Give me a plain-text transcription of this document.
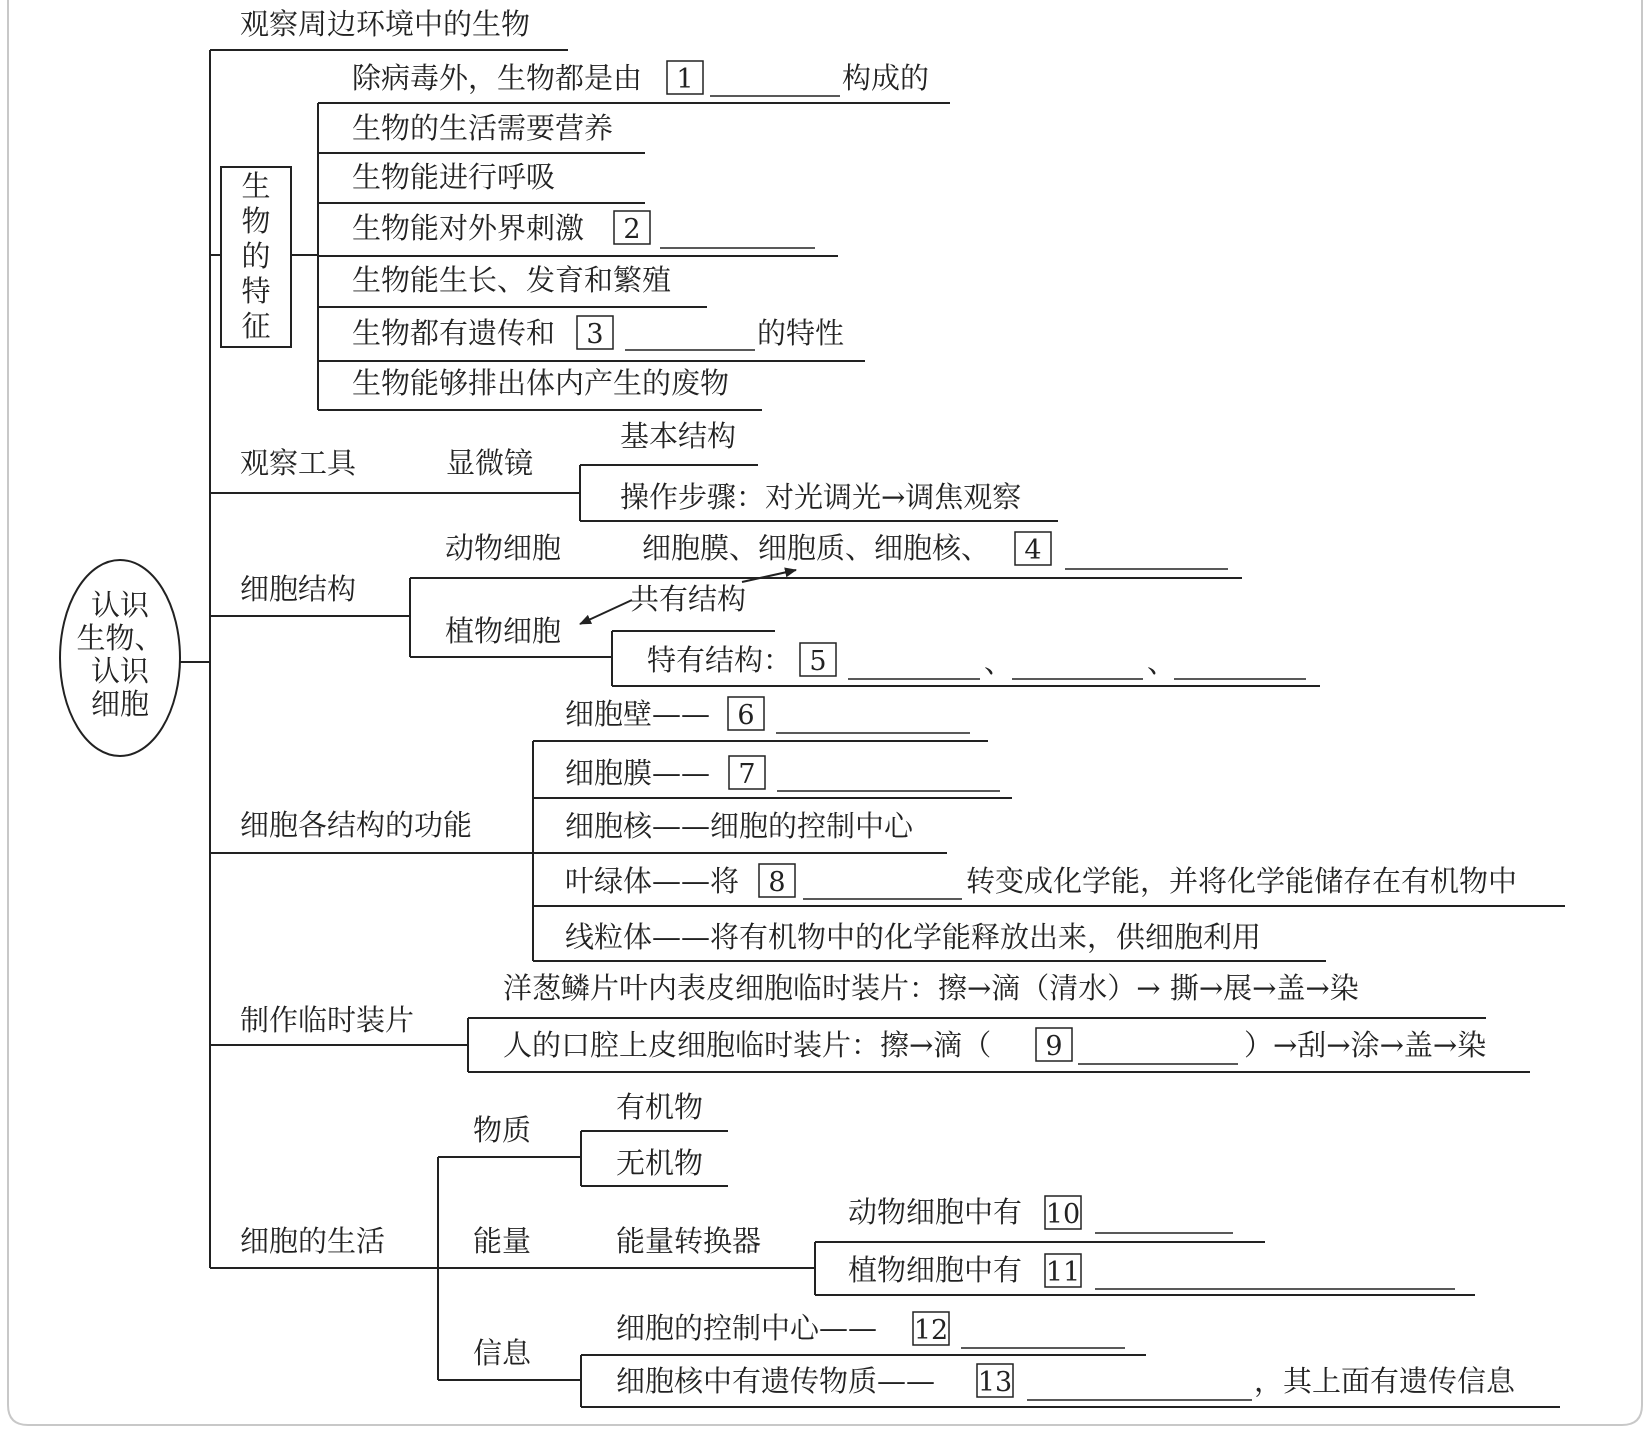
认识
生物、
认识
细胞
观察周边环境中的生物
生
物
的
特
征
除病毒外，生物都是由 1	构成的
生物的生活需要营养
生物能进行呼吸
生物能对外界刺激 2
生物能生长、发育和繁殖
生物都有遗传和 3	的特性
生物能够排出体内产生的废物
观察工具	显微镜
基本结构
操作步骤：对光调光→调焦观察
细胞结构
动物细胞	细胞膜、细胞质、细胞核、 4
植物细胞
共有结构
特有结构： 5	、	、
细胞各结构的功能
细胞壁—— 6
细胞膜—— 7
细胞核——细胞的控制中心
叶绿体——将 8	转变成化学能，并将化学能储存在有机物中
线粒体——将有机物中的化学能释放出来，供细胞利用
制作临时装片
洋葱鳞片叶内表皮细胞临时装片：擦→滴（清水）→ 撕→展→盖→染
人的口腔上皮细胞临时装片：擦→滴（ 9	）→刮→涂→盖→染
细胞的生活
物质
有机物
无机物
能量	能量转换器
动物细胞中有 10
植物细胞中有 11
信息
细胞的控制中心—— 12
细胞核中有遗传物质—— 13	，其上面有遗传信息
